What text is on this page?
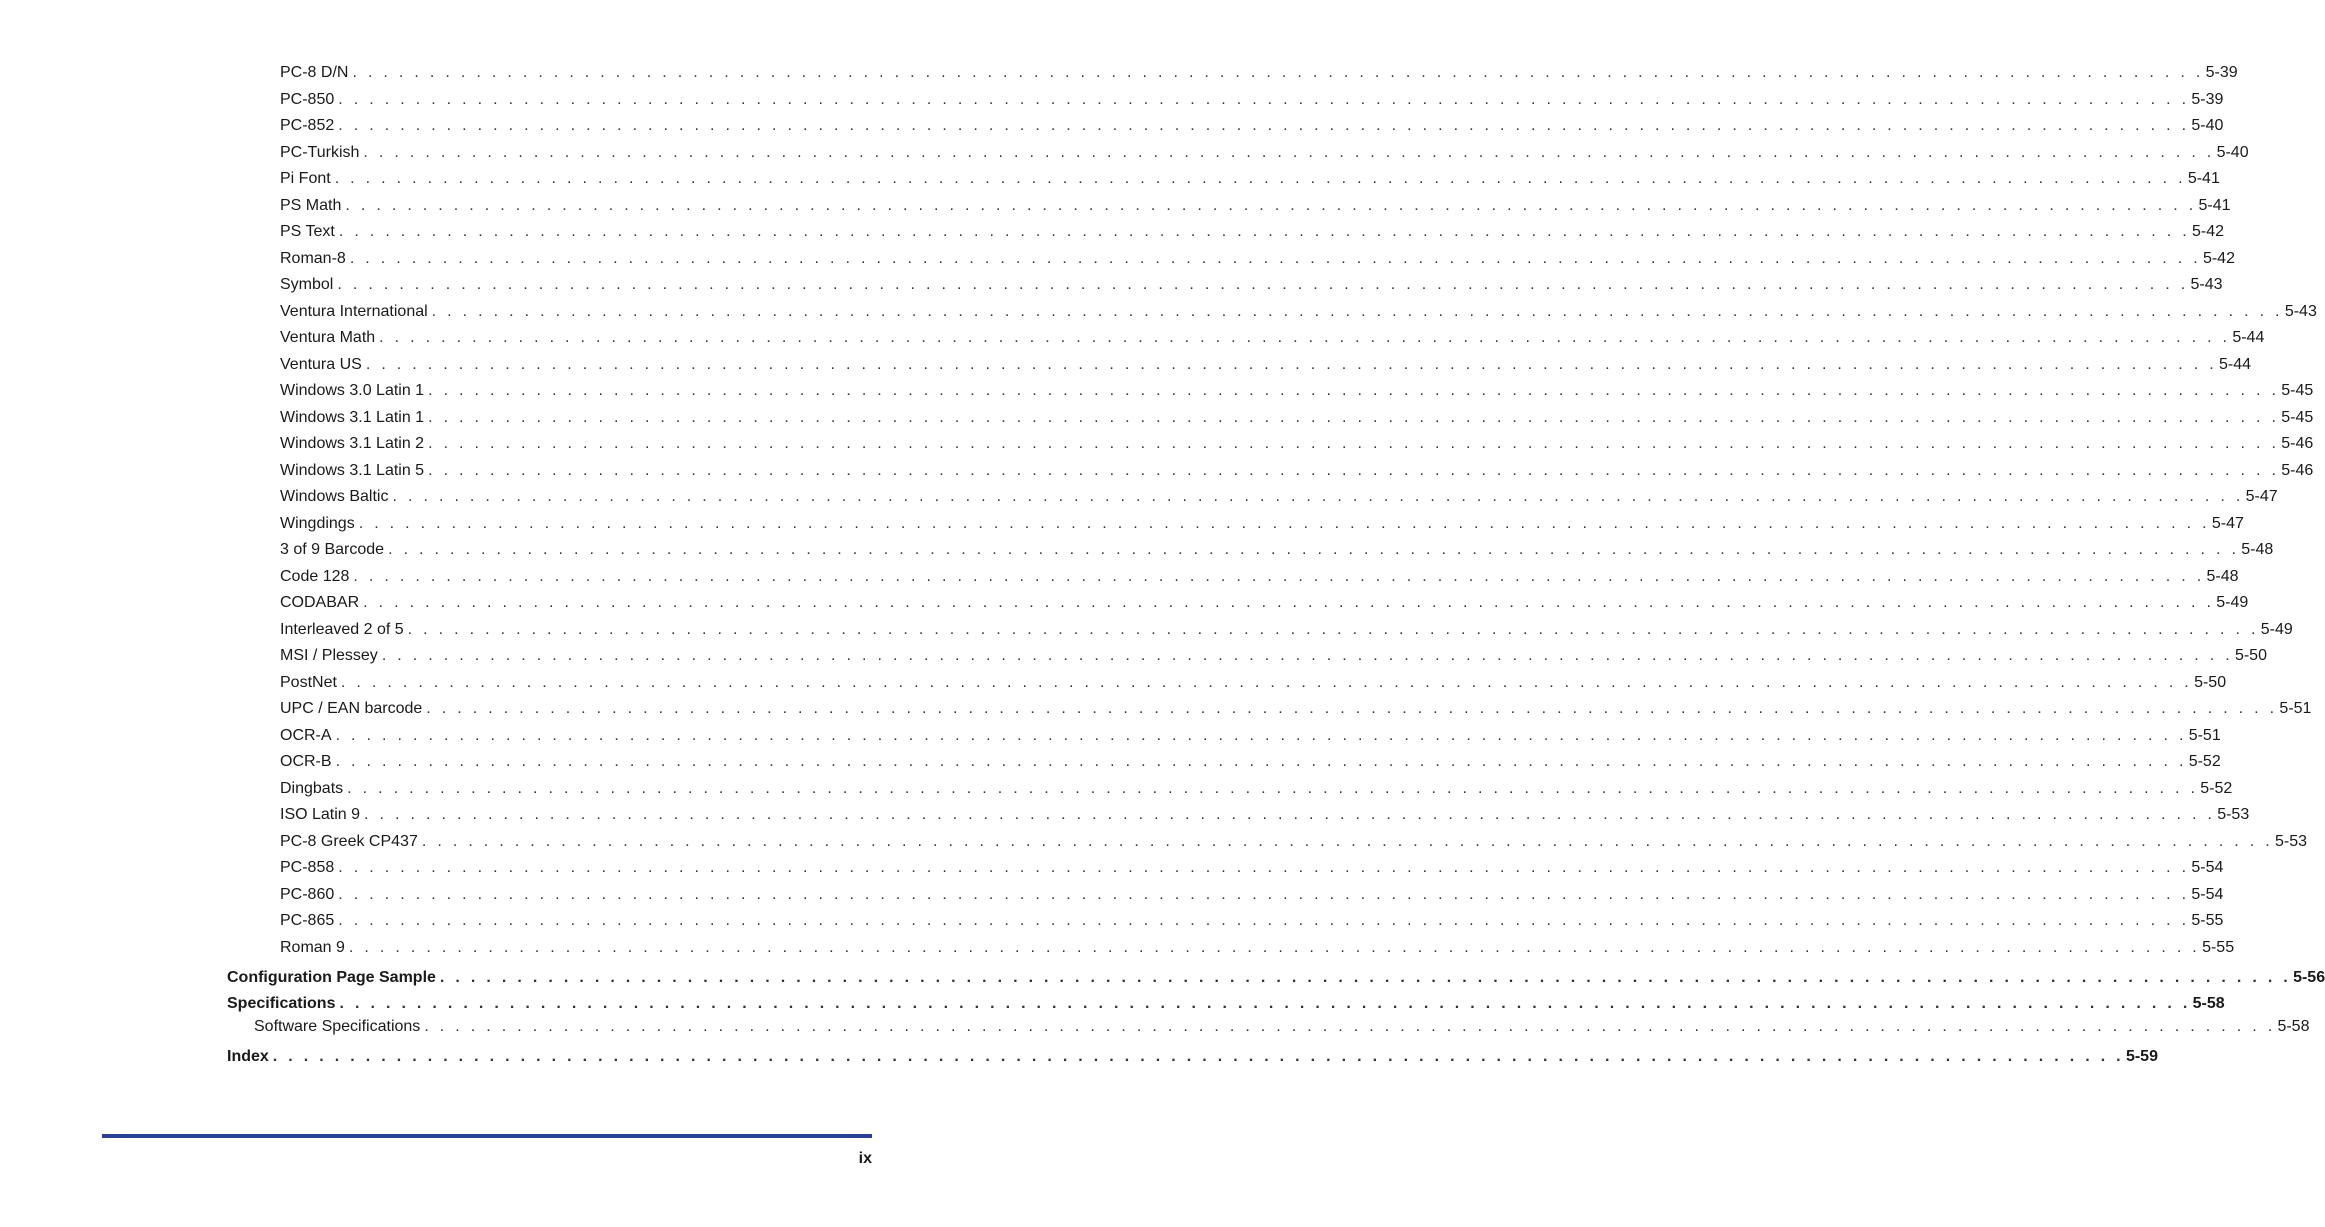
PC-8 D/N . . . . . . . . . . . . . . . . . . . . . . . . . . . . . . . . . . . . . . . . . . . . . . . . . . . . . . . . . . . . . . . . . . . . . . . . . . . . . . . . . . . . . . . . . . . . . . . . . . . . . . . . . . . . . . . . . . . . . . . . 5-39
PC-850 . . . . . . . . . . . . . . . . . . . . . . . . . . . . . . . . . . . . . . . . . . . . . . . . . . . . . . . . . . . . . . . . . . . . . . . . . . . . . . . . . . . . . . . . . . . . . . . . . . . . . . . . . . . . . . . . . . . . . . . . 5-39
PC-852 . . . . . . . . . . . . . . . . . . . . . . . . . . . . . . . . . . . . . . . . . . . . . . . . . . . . . . . . . . . . . . . . . . . . . . . . . . . . . . . . . . . . . . . . . . . . . . . . . . . . . . . . . . . . . . . . . . . . . . . . 5-40
PC-Turkish . . . . . . . . . . . . . . . . . . . . . . . . . . . . . . . . . . . . . . . . . . . . . . . . . . . . . . . . . . . . . . . . . . . . . . . . . . . . . . . . . . . . . . . . . . . . . . . . . . . . . . . . . . . . . . . . . . . . . . . . 5-40
Pi Font . . . . . . . . . . . . . . . . . . . . . . . . . . . . . . . . . . . . . . . . . . . . . . . . . . . . . . . . . . . . . . . . . . . . . . . . . . . . . . . . . . . . . . . . . . . . . . . . . . . . . . . . . . . . . . . . . . . . . . . . 5-41
PS Math . . . . . . . . . . . . . . . . . . . . . . . . . . . . . . . . . . . . . . . . . . . . . . . . . . . . . . . . . . . . . . . . . . . . . . . . . . . . . . . . . . . . . . . . . . . . . . . . . . . . . . . . . . . . . . . . . . . . . . . . 5-41
PS Text . . . . . . . . . . . . . . . . . . . . . . . . . . . . . . . . . . . . . . . . . . . . . . . . . . . . . . . . . . . . . . . . . . . . . . . . . . . . . . . . . . . . . . . . . . . . . . . . . . . . . . . . . . . . . . . . . . . . . . . . 5-42
Roman-8 . . . . . . . . . . . . . . . . . . . . . . . . . . . . . . . . . . . . . . . . . . . . . . . . . . . . . . . . . . . . . . . . . . . . . . . . . . . . . . . . . . . . . . . . . . . . . . . . . . . . . . . . . . . . . . . . . . . . . . . . 5-42
Symbol . . . . . . . . . . . . . . . . . . . . . . . . . . . . . . . . . . . . . . . . . . . . . . . . . . . . . . . . . . . . . . . . . . . . . . . . . . . . . . . . . . . . . . . . . . . . . . . . . . . . . . . . . . . . . . . . . . . . . . . . 5-43
Ventura International . . . . . . . . . . . . . . . . . . . . . . . . . . . . . . . . . . . . . . . . . . . . . . . . . . . . . . . . . . . . . . . . . . . . . . . . . . . . . . . . . . . . . . . . . . . . . . . . . . . . . . . . . . . . . . . . . . . . . . . . 5-43
Ventura Math . . . . . . . . . . . . . . . . . . . . . . . . . . . . . . . . . . . . . . . . . . . . . . . . . . . . . . . . . . . . . . . . . . . . . . . . . . . . . . . . . . . . . . . . . . . . . . . . . . . . . . . . . . . . . . . . . . . . . . . . 5-44
Ventura US . . . . . . . . . . . . . . . . . . . . . . . . . . . . . . . . . . . . . . . . . . . . . . . . . . . . . . . . . . . . . . . . . . . . . . . . . . . . . . . . . . . . . . . . . . . . . . . . . . . . . . . . . . . . . . . . . . . . . . . . 5-44
Windows 3.0 Latin 1 . . . . . . . . . . . . . . . . . . . . . . . . . . . . . . . . . . . . . . . . . . . . . . . . . . . . . . . . . . . . . . . . . . . . . . . . . . . . . . . . . . . . . . . . . . . . . . . . . . . . . . . . . . . . . . . . . . . . . . . . 5-45
Windows 3.1 Latin 1 . . . . . . . . . . . . . . . . . . . . . . . . . . . . . . . . . . . . . . . . . . . . . . . . . . . . . . . . . . . . . . . . . . . . . . . . . . . . . . . . . . . . . . . . . . . . . . . . . . . . . . . . . . . . . . . . . . . . . . . . 5-45
Windows 3.1 Latin 2 . . . . . . . . . . . . . . . . . . . . . . . . . . . . . . . . . . . . . . . . . . . . . . . . . . . . . . . . . . . . . . . . . . . . . . . . . . . . . . . . . . . . . . . . . . . . . . . . . . . . . . . . . . . . . . . . . . . . . . . . 5-46
Windows 3.1 Latin 5 . . . . . . . . . . . . . . . . . . . . . . . . . . . . . . . . . . . . . . . . . . . . . . . . . . . . . . . . . . . . . . . . . . . . . . . . . . . . . . . . . . . . . . . . . . . . . . . . . . . . . . . . . . . . . . . . . . . . . . . . 5-46
Windows Baltic . . . . . . . . . . . . . . . . . . . . . . . . . . . . . . . . . . . . . . . . . . . . . . . . . . . . . . . . . . . . . . . . . . . . . . . . . . . . . . . . . . . . . . . . . . . . . . . . . . . . . . . . . . . . . . . . . . . . . . . . 5-47
Wingdings . . . . . . . . . . . . . . . . . . . . . . . . . . . . . . . . . . . . . . . . . . . . . . . . . . . . . . . . . . . . . . . . . . . . . . . . . . . . . . . . . . . . . . . . . . . . . . . . . . . . . . . . . . . . . . . . . . . . . . . . 5-47
3 of 9 Barcode . . . . . . . . . . . . . . . . . . . . . . . . . . . . . . . . . . . . . . . . . . . . . . . . . . . . . . . . . . . . . . . . . . . . . . . . . . . . . . . . . . . . . . . . . . . . . . . . . . . . . . . . . . . . . . . . . . . . . . . . 5-48
Code 128 . . . . . . . . . . . . . . . . . . . . . . . . . . . . . . . . . . . . . . . . . . . . . . . . . . . . . . . . . . . . . . . . . . . . . . . . . . . . . . . . . . . . . . . . . . . . . . . . . . . . . . . . . . . . . . . . . . . . . . . . 5-48
CODABAR . . . . . . . . . . . . . . . . . . . . . . . . . . . . . . . . . . . . . . . . . . . . . . . . . . . . . . . . . . . . . . . . . . . . . . . . . . . . . . . . . . . . . . . . . . . . . . . . . . . . . . . . . . . . . . . . . . . . . . . . 5-49
Interleaved 2 of 5 . . . . . . . . . . . . . . . . . . . . . . . . . . . . . . . . . . . . . . . . . . . . . . . . . . . . . . . . . . . . . . . . . . . . . . . . . . . . . . . . . . . . . . . . . . . . . . . . . . . . . . . . . . . . . . . . . . . . . . . . 5-49
MSI / Plessey . . . . . . . . . . . . . . . . . . . . . . . . . . . . . . . . . . . . . . . . . . . . . . . . . . . . . . . . . . . . . . . . . . . . . . . . . . . . . . . . . . . . . . . . . . . . . . . . . . . . . . . . . . . . . . . . . . . . . . . . 5-50
PostNet . . . . . . . . . . . . . . . . . . . . . . . . . . . . . . . . . . . . . . . . . . . . . . . . . . . . . . . . . . . . . . . . . . . . . . . . . . . . . . . . . . . . . . . . . . . . . . . . . . . . . . . . . . . . . . . . . . . . . . . . 5-50
UPC / EAN barcode . . . . . . . . . . . . . . . . . . . . . . . . . . . . . . . . . . . . . . . . . . . . . . . . . . . . . . . . . . . . . . . . . . . . . . . . . . . . . . . . . . . . . . . . . . . . . . . . . . . . . . . . . . . . . . . . . . . . . . . . 5-51
OCR-A . . . . . . . . . . . . . . . . . . . . . . . . . . . . . . . . . . . . . . . . . . . . . . . . . . . . . . . . . . . . . . . . . . . . . . . . . . . . . . . . . . . . . . . . . . . . . . . . . . . . . . . . . . . . . . . . . . . . . . . . 5-51
OCR-B . . . . . . . . . . . . . . . . . . . . . . . . . . . . . . . . . . . . . . . . . . . . . . . . . . . . . . . . . . . . . . . . . . . . . . . . . . . . . . . . . . . . . . . . . . . . . . . . . . . . . . . . . . . . . . . . . . . . . . . . 5-52
Dingbats . . . . . . . . . . . . . . . . . . . . . . . . . . . . . . . . . . . . . . . . . . . . . . . . . . . . . . . . . . . . . . . . . . . . . . . . . . . . . . . . . . . . . . . . . . . . . . . . . . . . . . . . . . . . . . . . . . . . . . . . 5-52
ISO Latin 9 . . . . . . . . . . . . . . . . . . . . . . . . . . . . . . . . . . . . . . . . . . . . . . . . . . . . . . . . . . . . . . . . . . . . . . . . . . . . . . . . . . . . . . . . . . . . . . . . . . . . . . . . . . . . . . . . . . . . . . . . 5-53
PC-8 Greek CP437 . . . . . . . . . . . . . . . . . . . . . . . . . . . . . . . . . . . . . . . . . . . . . . . . . . . . . . . . . . . . . . . . . . . . . . . . . . . . . . . . . . . . . . . . . . . . . . . . . . . . . . . . . . . . . . . . . . . . . . . . 5-53
PC-858 . . . . . . . . . . . . . . . . . . . . . . . . . . . . . . . . . . . . . . . . . . . . . . . . . . . . . . . . . . . . . . . . . . . . . . . . . . . . . . . . . . . . . . . . . . . . . . . . . . . . . . . . . . . . . . . . . . . . . . . . 5-54
PC-860 . . . . . . . . . . . . . . . . . . . . . . . . . . . . . . . . . . . . . . . . . . . . . . . . . . . . . . . . . . . . . . . . . . . . . . . . . . . . . . . . . . . . . . . . . . . . . . . . . . . . . . . . . . . . . . . . . . . . . . . . 5-54
PC-865 . . . . . . . . . . . . . . . . . . . . . . . . . . . . . . . . . . . . . . . . . . . . . . . . . . . . . . . . . . . . . . . . . . . . . . . . . . . . . . . . . . . . . . . . . . . . . . . . . . . . . . . . . . . . . . . . . . . . . . . . 5-55
Roman 9 . . . . . . . . . . . . . . . . . . . . . . . . . . . . . . . . . . . . . . . . . . . . . . . . . . . . . . . . . . . . . . . . . . . . . . . . . . . . . . . . . . . . . . . . . . . . . . . . . . . . . . . . . . . . . . . . . . . . . . . . 5-55
Configuration Page Sample . . . . . . . . . . . . . . . . . . . . . . . . . . . . . . . . . . . . . . . . . . . . . . . . . . . . . . . . . . . . . . . . . . . . . . . . . . . . . . . . . . . . . . . . . . . . . . . . . . . . . . . . . . . . . . . . . . . . . . . . 5-56
Specifications . . . . . . . . . . . . . . . . . . . . . . . . . . . . . . . . . . . . . . . . . . . . . . . . . . . . . . . . . . . . . . . . . . . . . . . . . . . . . . . . . . . . . . . . . . . . . . . . . . . . . . . . . . . . . . . . . . . . . . . . 5-58
Software Specifications . . . . . . . . . . . . . . . . . . . . . . . . . . . . . . . . . . . . . . . . . . . . . . . . . . . . . . . . . . . . . . . . . . . . . . . . . . . . . . . . . . . . . . . . . . . . . . . . . . . . . . . . . . . . . . . . . . . . . . . . 5-58
Index . . . . . . . . . . . . . . . . . . . . . . . . . . . . . . . . . . . . . . . . . . . . . . . . . . . . . . . . . . . . . . . . . . . . . . . . . . . . . . . . . . . . . . . . . . . . . . . . . . . . . . . . . . . . . . . . . . . . . . . . 5-59
ix
